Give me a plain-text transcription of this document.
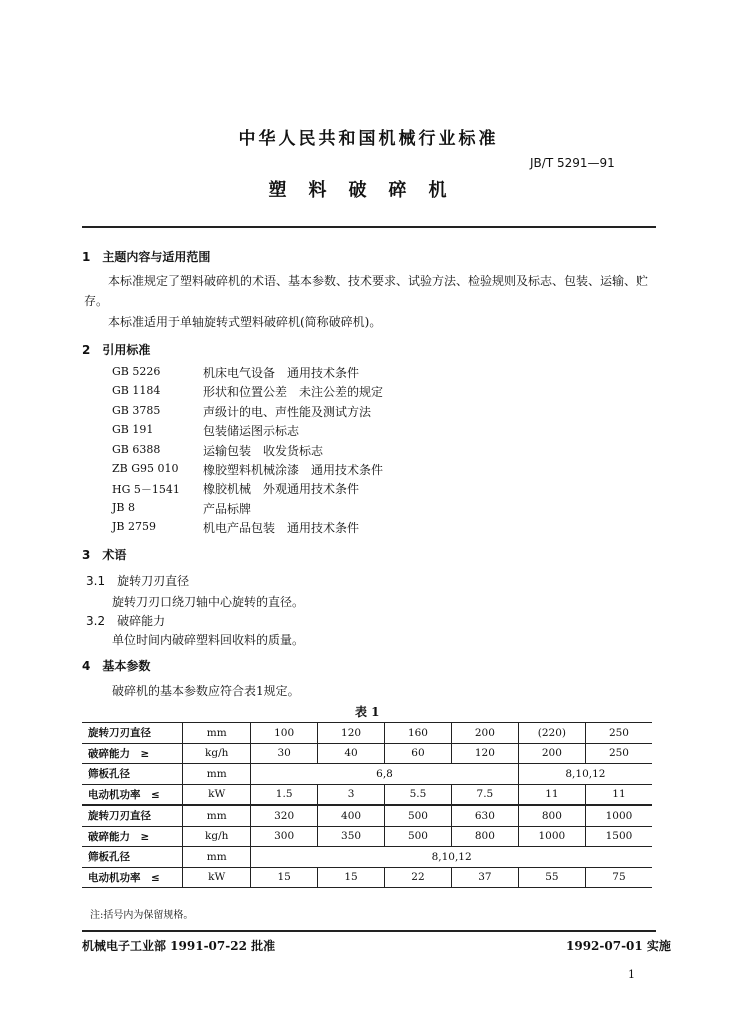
中华人民共和国机械行业标准
JB/T 5291—91
塑料破碎机
1　主题内容与适用范围
本标准规定了塑料破碎机的术语、基本参数、技术要求、试验方法、检验规则及标志、包装、运输、贮
存。
本标准适用于单轴旋转式塑料破碎机(简称破碎机)。
2　引用标准
GB 5226	机床电气设备　通用技术条件
GB 1184	形状和位置公差　未注公差的规定
GB 3785	声级计的电、声性能及测试方法
GB 191	包装储运图示标志
GB 6388	运输包装　收发货标志
ZB G95 010 橡胶塑料机械涂漆　通用技术条件
HG 5－1541 橡胶机械　外观通用技术条件
JB 8	产品标牌
JB 2759	机电产品包装　通用技术条件
3　术语
3.1　旋转刀刃直径
旋转刀刃口绕刀轴中心旋转的直径。
3.2　破碎能力
单位时间内破碎塑料回收料的质量。
4　基本参数
破碎机的基本参数应符合表1规定。
表 1
旋转刀刃直径	mm	100	120	160	200	(220)	250
破碎能力　≥	kg/h	30	40	60	120	200	250
筛板孔径	mm	6,8				8,10,12	
电动机功率　≤	kW	1.5	3	5.5	7.5	11	11
旋转刀刃直径	mm	320	400	500	630	800	1000
破碎能力　≥	kg/h	300	350	500	800	1000	1500
筛板孔径	mm	8,10,12					
电动机功率　≤	kW	15	15	22	37	55	75
注:括号内为保留规格。
机械电子工业部 1991-07-22 批准	1992-07-01 实施
1
